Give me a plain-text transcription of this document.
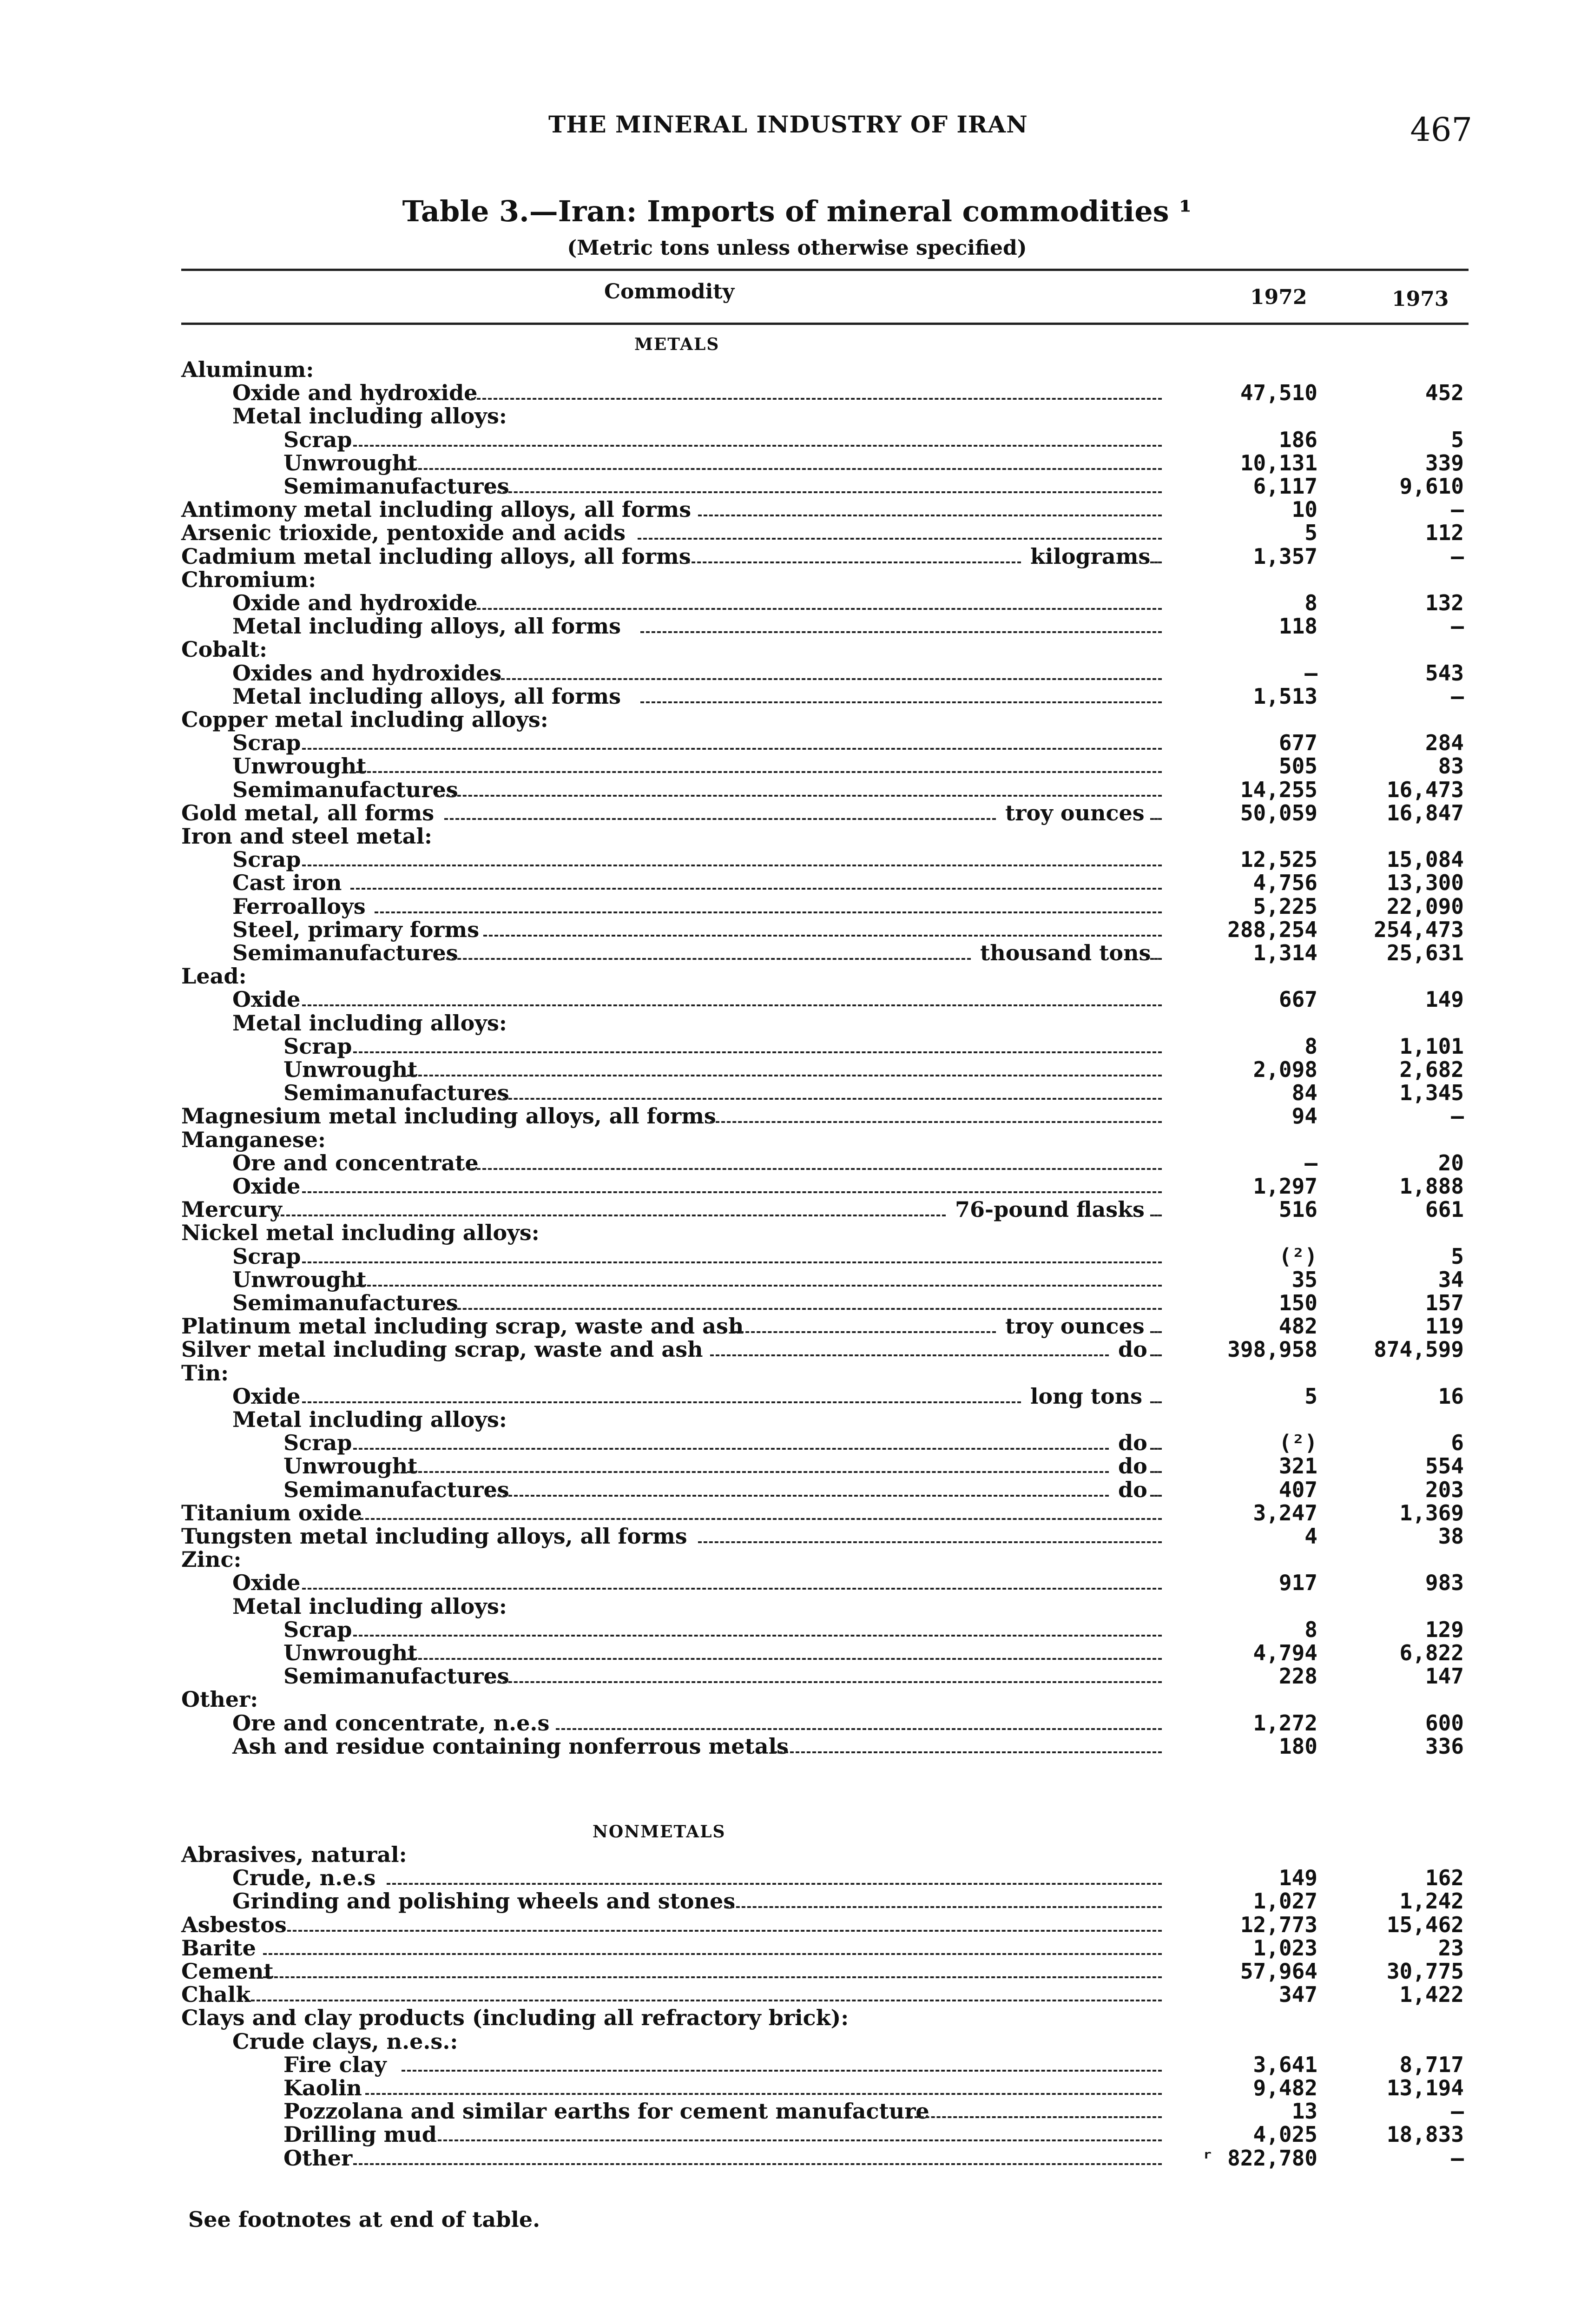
THE MINERAL INDUSTRY OF IRAN	467
Table 3.—Iran: Imports of mineral commodities ¹
(Metric tons unless otherwise specified)
Commodity	1972	1973
METALS
Aluminum:
Oxide and hydroxide	47,510	452
Metal including alloys:
Scrap	186	5
Unwrought	10,131	339
Semimanufactures	6,117	9,610
Antimony metal including alloys, all forms	10	—
Arsenic trioxide, pentoxide and acids	5	112
Cadmium metal including alloys, all forms	kilograms	1,357	—
Chromium:
Oxide and hydroxide	8	132
Metal including alloys, all forms	118	—
Cobalt:
Oxides and hydroxides	—	543
Metal including alloys, all forms	1,513	—
Copper metal including alloys:
Scrap	677	284
Unwrought	505	83
Semimanufactures	14,255	16,473
Gold metal, all forms	troy ounces	50,059	16,847
Iron and steel metal:
Scrap	12,525	15,084
Cast iron	4,756	13,300
Ferroalloys	5,225	22,090
Steel, primary forms	288,254	254,473
Semimanufactures	thousand tons	1,314	25,631
Lead:
Oxide	667	149
Metal including alloys:
Scrap	8	1,101
Unwrought	2,098	2,682
Semimanufactures	84	1,345
Magnesium metal including alloys, all forms	94	—
Manganese:
Ore and concentrate	—	20
Oxide	1,297	1,888
Mercury	76-pound flasks	516	661
Nickel metal including alloys:
Scrap	(²)	5
Unwrought	35	34
Semimanufactures	150	157
Platinum metal including scrap, waste and ash	troy ounces	482	119
Silver metal including scrap, waste and ash	do	398,958	874,599
Tin:
Oxide	long tons	5	16
Metal including alloys:
Scrap	do	(²)	6
Unwrought	do	321	554
Semimanufactures	do	407	203
Titanium oxide	3,247	1,369
Tungsten metal including alloys, all forms	4	38
Zinc:
Oxide	917	983
Metal including alloys:
Scrap	8	129
Unwrought	4,794	6,822
Semimanufactures	228	147
Other:
Ore and concentrate, n.e.s	1,272	600
Ash and residue containing nonferrous metals	180	336
NONMETALS
Abrasives, natural:
Crude, n.e.s	149	162
Grinding and polishing wheels and stones	1,027	1,242
Asbestos	12,773	15,462
Barite	1,023	23
Cement	57,964	30,775
Chalk	347	1,422
Clays and clay products (including all refractory brick):
Crude clays, n.e.s.:
Fire clay	3,641	8,717
Kaolin	9,482	13,194
Pozzolana and similar earths for cement manufacture	13	—
Drilling mud	4,025	18,833
Other	ʳ 822,780	—
See footnotes at end of table.
